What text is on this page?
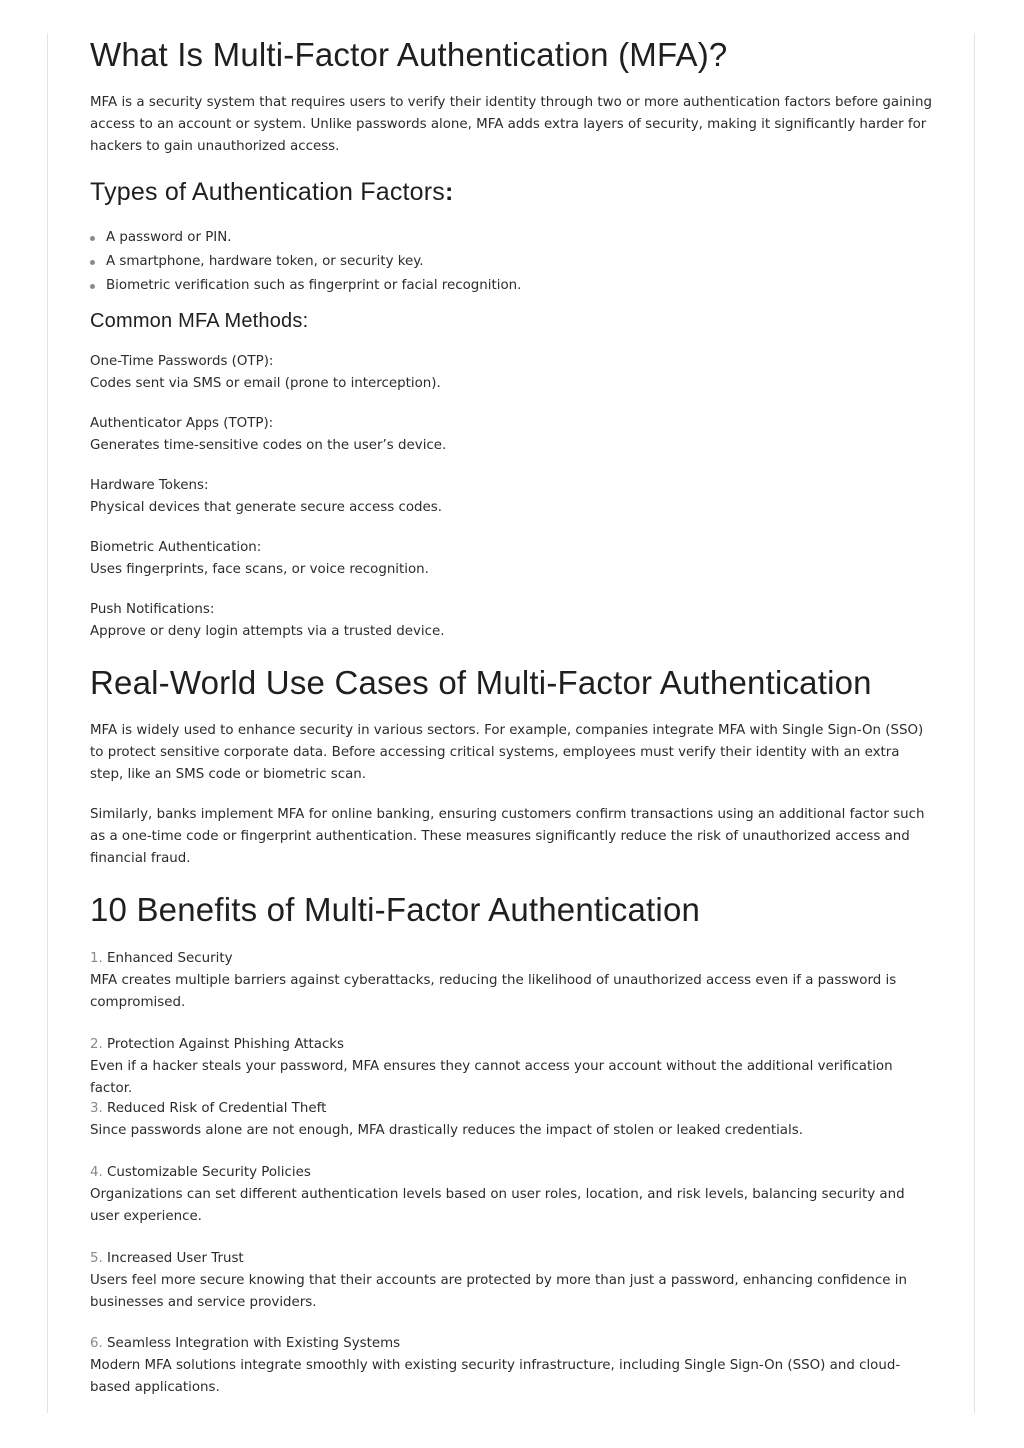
What Is Multi-Factor Authentication (MFA)?

MFA is a security system that requires users to verify their identity through two or more authentication factors before gaining access to an account or system. Unlike passwords alone, MFA adds extra layers of security, making it significantly harder for hackers to gain unauthorized access.

Types of Authentication Factors:
A password or PIN.
A smartphone, hardware token, or security key.
Biometric verification such as fingerprint or facial recognition.
Common MFA Methods:

One-Time Passwords (OTP):

Codes sent via SMS or email (prone to interception).

Authenticator Apps (TOTP):

Generates time-sensitive codes on the user’s device.

Hardware Tokens:

Physical devices that generate secure access codes.

Biometric Authentication:

Uses fingerprints, face scans, or voice recognition.

Push Notifications:

Approve or deny login attempts via a trusted device.

Real-World Use Cases of Multi-Factor Authentication

MFA is widely used to enhance security in various sectors. For example, companies integrate MFA with Single Sign-On (SSO) to protect sensitive corporate data. Before accessing critical systems, employees must verify their identity with an extra step, like an SMS code or biometric scan.

Similarly, banks implement MFA for online banking, ensuring customers confirm transactions using an additional factor such as a one-time code or fingerprint authentication. These measures significantly reduce the risk of unauthorized access and financial fraud.

10 Benefits of Multi-Factor Authentication

1. Enhanced Security

MFA creates multiple barriers against cyberattacks, reducing the likelihood of unauthorized access even if a password is compromised.

2. Protection Against Phishing Attacks

Even if a hacker steals your password, MFA ensures they cannot access your account without the additional verification factor.

3. Reduced Risk of Credential Theft

Since passwords alone are not enough, MFA drastically reduces the impact of stolen or leaked credentials.

4. Customizable Security Policies

Organizations can set different authentication levels based on user roles, location, and risk levels, balancing security and user experience.

5. Increased User Trust

Users feel more secure knowing that their accounts are protected by more than just a password, enhancing confidence in businesses and service providers.

6. Seamless Integration with Existing Systems

Modern MFA solutions integrate smoothly with existing security infrastructure, including Single Sign-On (SSO) and cloud-based applications.
